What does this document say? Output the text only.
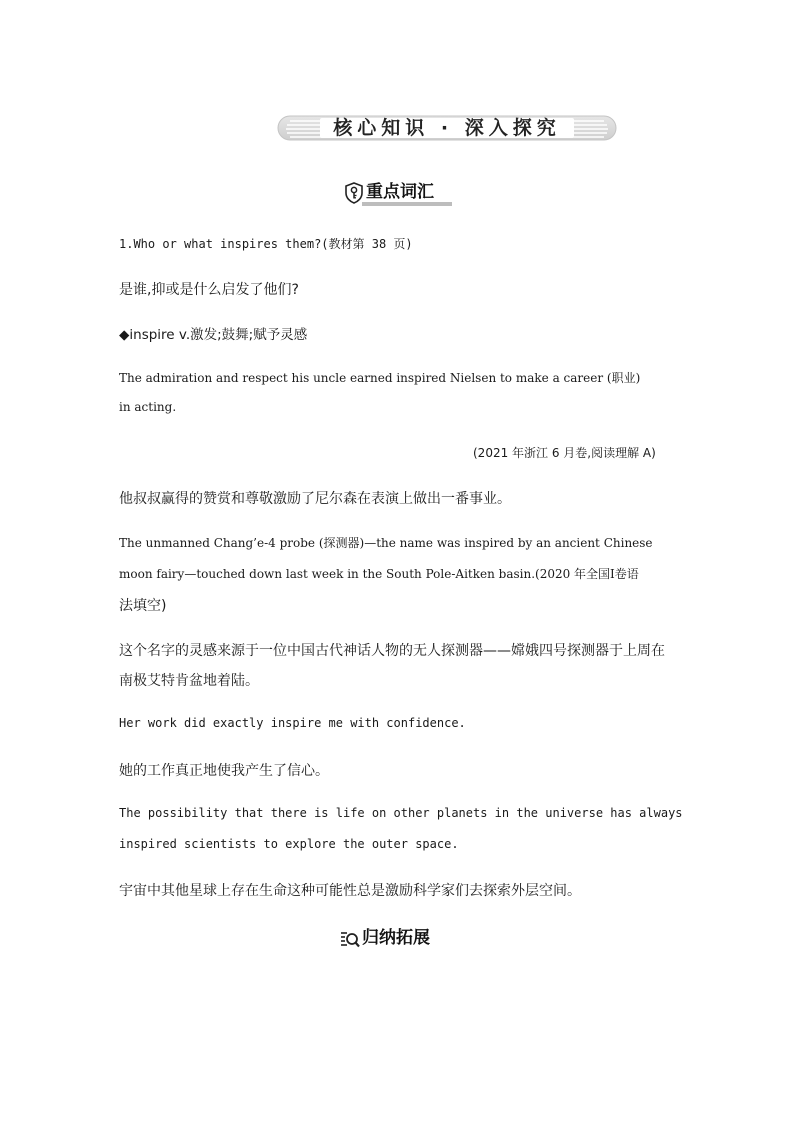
核心知识 · 深入探究
重点词汇
1.Who or what inspires them?(教材第 38 页)
是谁,抑或是什么启发了他们?
◆inspire v.激发;鼓舞;赋予灵感
The admiration and respect his uncle earned inspired Nielsen to make a career (职业)
in acting.
(2021 年浙江 6 月卷,阅读理解 A)
他叔叔赢得的赞赏和尊敬激励了尼尔森在表演上做出一番事业。
The unmanned Chang’e-4 probe (探测器)—the name was inspired by an ancient Chinese
moon fairy—touched down last week in the South Pole-Aitken basin.(2020 年全国Ⅰ卷语
法填空)
这个名字的灵感来源于一位中国古代神话人物的无人探测器——嫦娥四号探测器于上周在
南极艾特肯盆地着陆。
Her work did exactly inspire me with confidence.
她的工作真正地使我产生了信心。
The possibility that there is life on other planets in the universe has always
inspired scientists to explore the outer space.
宇宙中其他星球上存在生命这种可能性总是激励科学家们去探索外层空间。
归纳拓展
